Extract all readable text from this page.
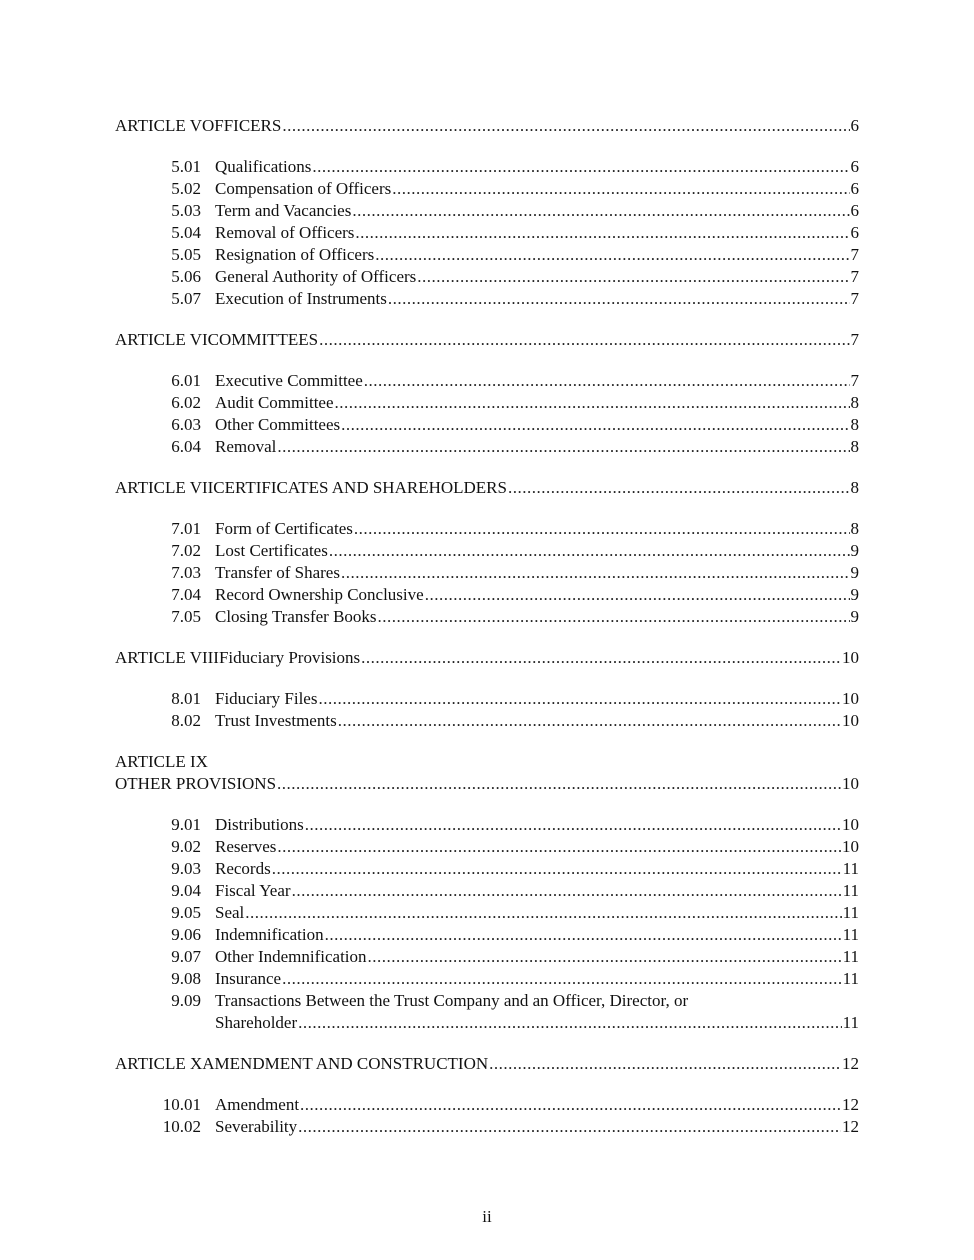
ARTICLE V OFFICERS .....	6
5.01 Qualifications .....	6
5.02 Compensation of Officers .....	6
5.03 Term and Vacancies .....	6
5.04 Removal of Officers .....	6
5.05 Resignation of Officers .....	7
5.06 General Authority of Officers .....	7
5.07 Execution of Instruments .....	7
ARTICLE VI COMMITTEES .....	7
6.01 Executive Committee .....	7
6.02 Audit Committee .....	8
6.03 Other Committees .....	8
6.04 Removal .....	8
ARTICLE VII CERTIFICATES AND SHAREHOLDERS .....	8
7.01 Form of Certificates .....	8
7.02 Lost Certificates .....	9
7.03 Transfer of Shares .....	9
7.04 Record Ownership Conclusive .....	9
7.05 Closing Transfer Books .....	9
ARTICLE VIII Fiduciary Provisions .....	10
8.01 Fiduciary Files .....	10
8.02 Trust Investments .....	10
ARTICLE IX
OTHER PROVISIONS .....	10
9.01 Distributions .....	10
9.02 Reserves .....	10
9.03 Records .....	11
9.04 Fiscal Year .....	11
9.05 Seal .....	11
9.06 Indemnification .....	11
9.07 Other Indemnification .....	11
9.08 Insurance .....	11
9.09 Transactions Between the Trust Company and an Officer, Director, or
Shareholder .....	11
ARTICLE X AMENDMENT AND CONSTRUCTION .....	12
10.01 Amendment .....	12
10.02 Severability .....	12
ii
